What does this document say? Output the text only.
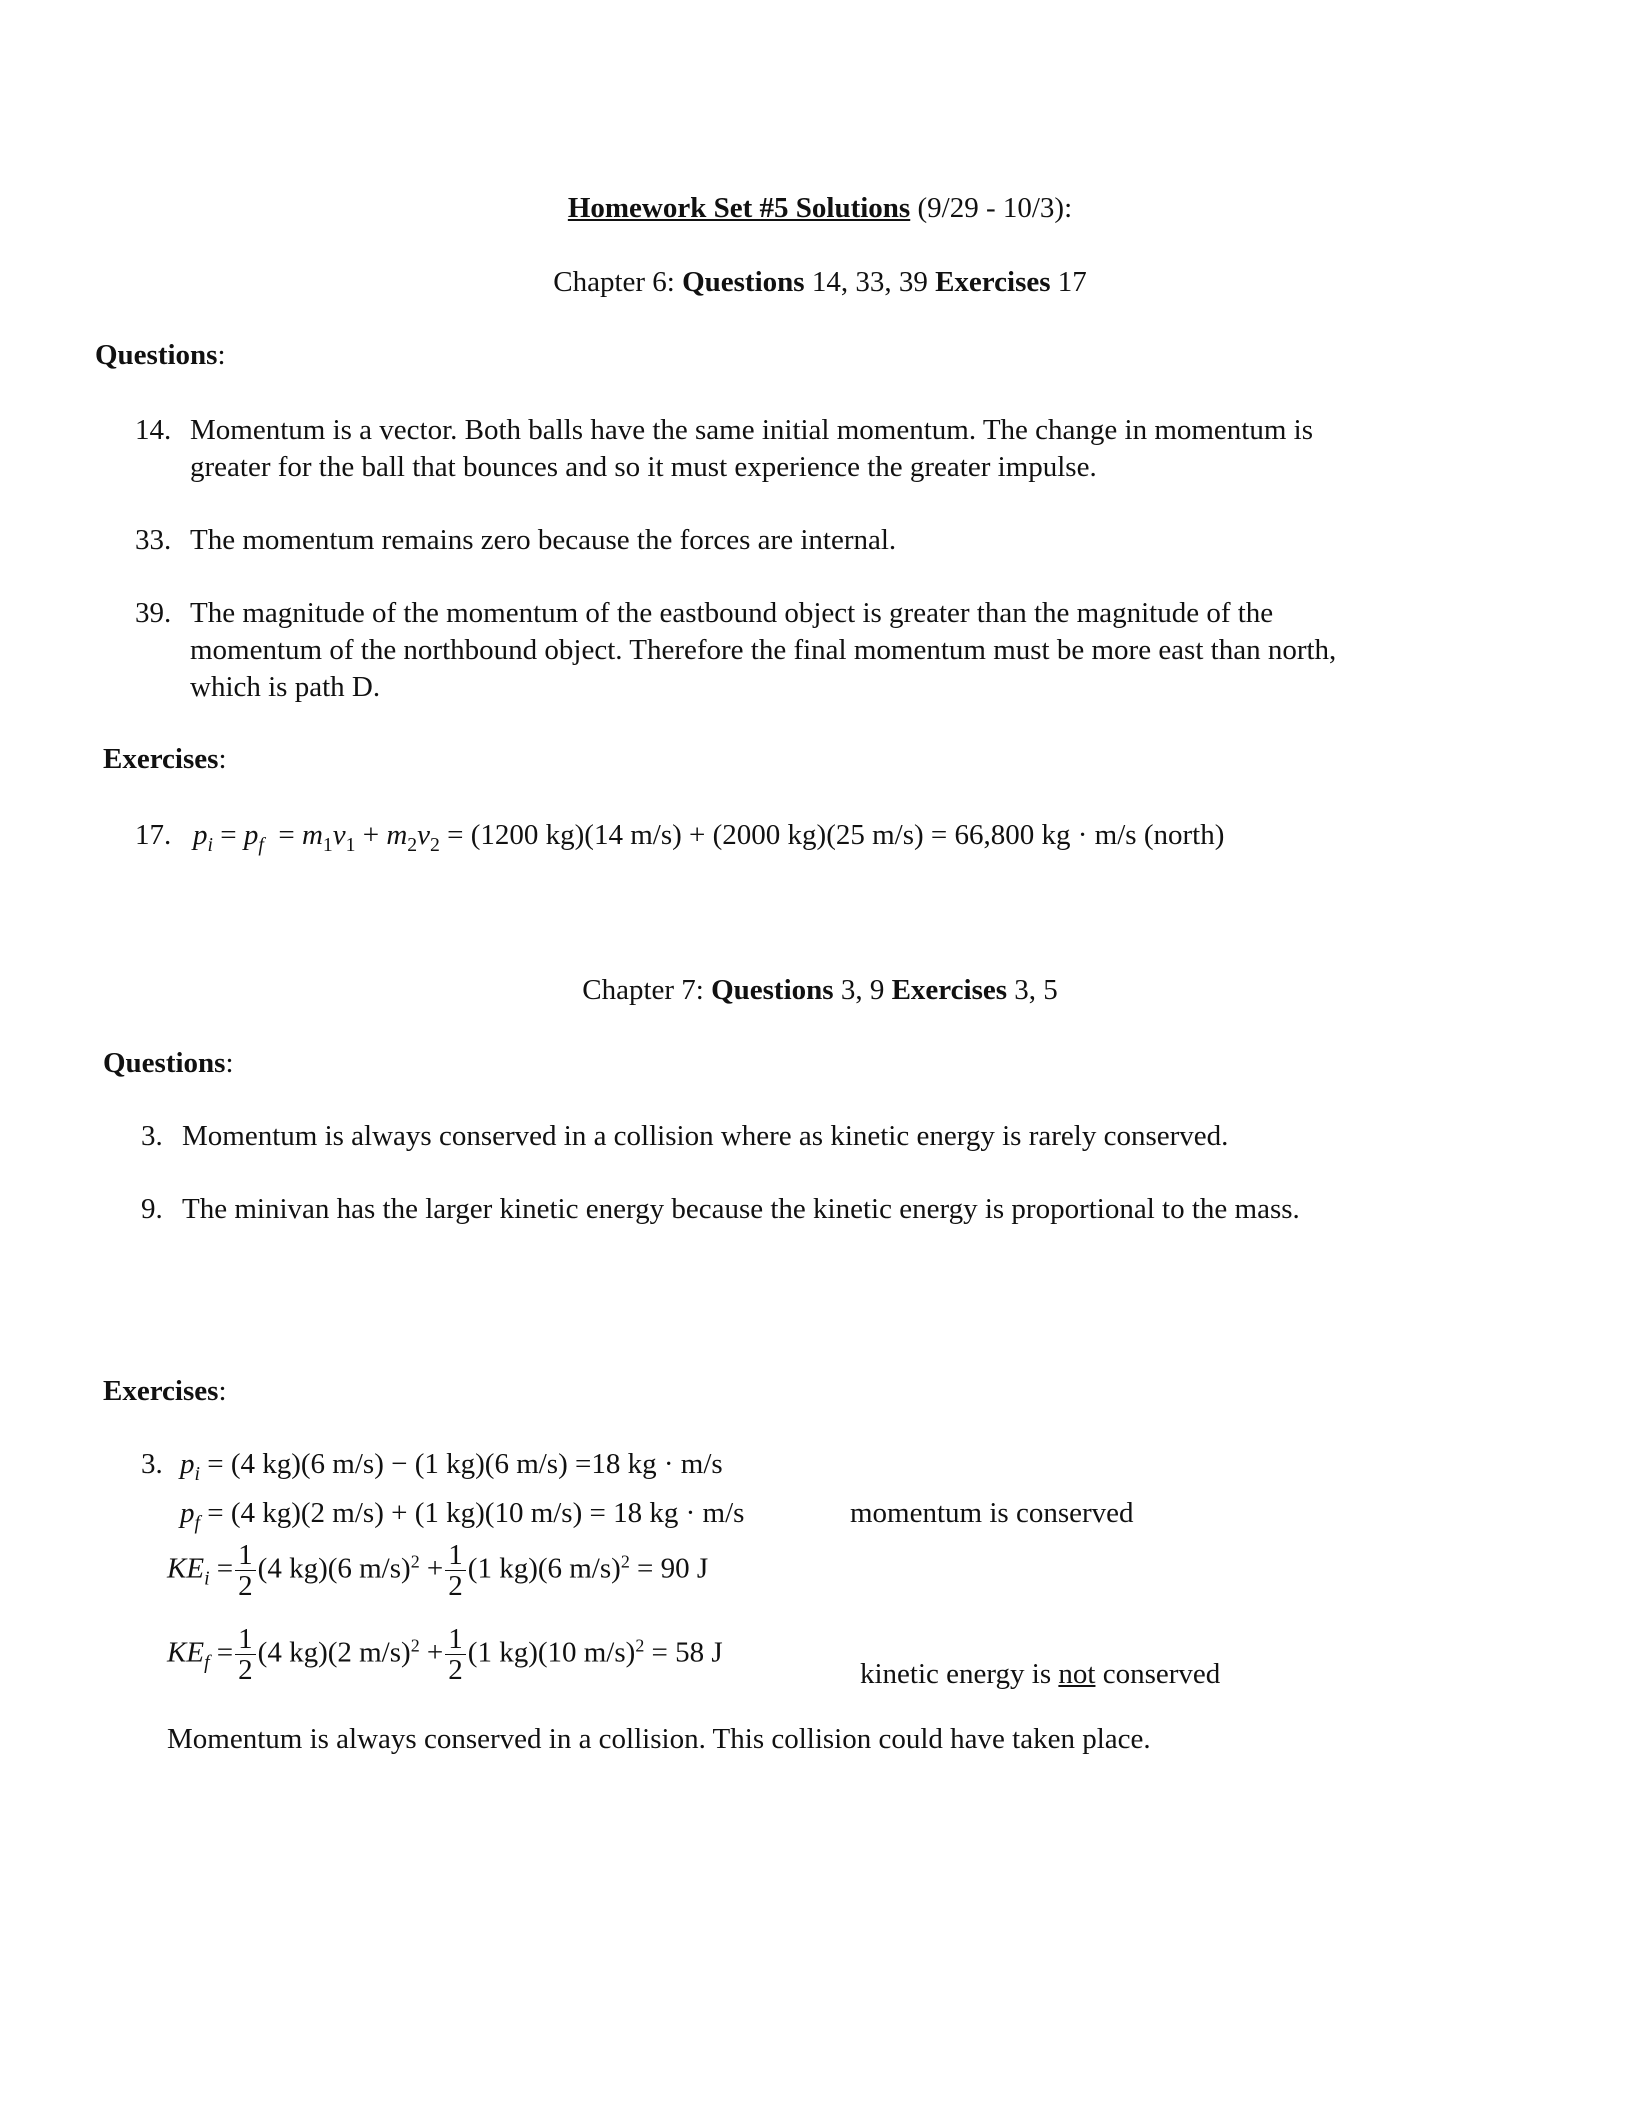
Homework Set #5 Solutions (9/29 - 10/3):
Chapter 6: Questions 14, 33, 39 Exercises 17
Questions:
14. Momentum is a vector. Both balls have the same initial momentum. The change in momentum is
greater for the ball that bounces and so it must experience the greater impulse.
33. The momentum remains zero because the forces are internal.
39. The magnitude of the momentum of the eastbound object is greater than the magnitude of the
momentum of the northbound object. Therefore the final momentum must be more east than north,
which is path D.
Exercises:
17. $p_i = p_f = m_1v_1 + m_2v_2 = (1200$ kg)(14 m/s) + (2000 kg)(25 m/s) = 66,800 kg · m/s (north)
Chapter 7: Questions 3, 9 Exercises 3, 5
Questions:
3. Momentum is always conserved in a collision where as kinetic energy is rarely conserved.
9. The minivan has the larger kinetic energy because the kinetic energy is proportional to the mass.
Exercises:
3. $p_i = (4$ kg)(6 m/s) − (1 kg)(6 m/s) =18 kg · m/s
$p_f = (4$ kg)(2 m/s) + (1 kg)(10 m/s) = 18 kg · m/s	momentum is conserved
$KE_i = \frac{1}{2} (4$ kg)(6 $m/s)^2 + \frac{1}{2} (1$ kg)(6 m/s)$^2$ = 90 J
$KE_f = \frac{1}{2} (4$ kg)(2 $m/s)^2 + \frac{1}{2} (1$ kg)(10 m/s)$^2$ = 58 J
kinetic energy is not conserved
Momentum is always conserved in a collision. This collision could have taken place.
